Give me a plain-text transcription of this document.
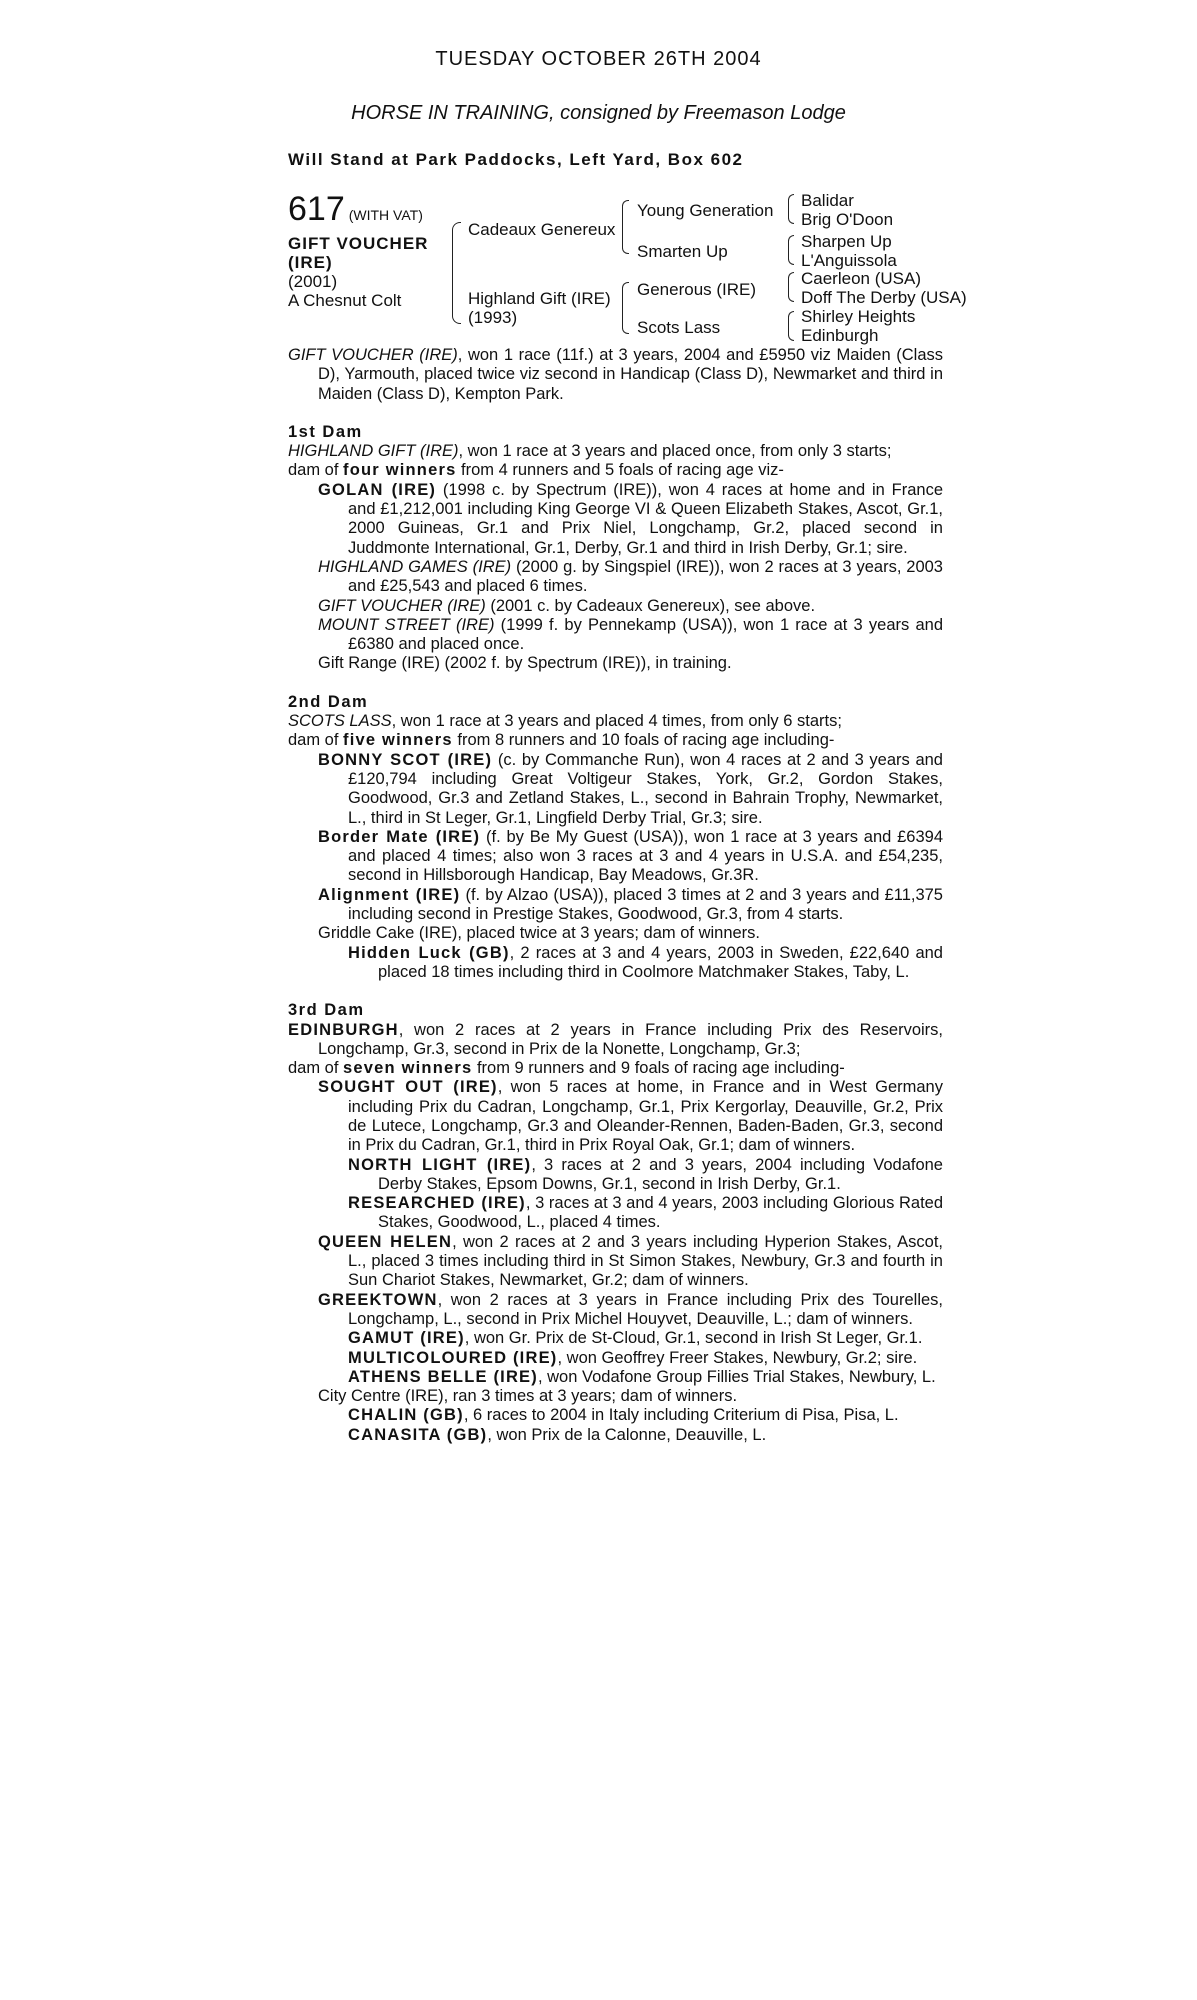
TUESDAY OCTOBER 26TH 2004
HORSE IN TRAINING, consigned by Freemason Lodge
Will Stand at Park Paddocks, Left Yard, Box 602
617 (WITH VAT)
GIFT VOUCHER
(IRE)
(2001)
A Chesnut Colt
Cadeaux Genereux
Highland Gift (IRE)
(1993)
Young Generation
Smarten Up
Generous (IRE)
Scots Lass
Balidar
Brig O'Doon
Sharpen Up
L'Anguissola
Caerleon (USA)
Doff The Derby (USA)
Shirley Heights
Edinburgh

GIFT VOUCHER (IRE), won 1 race (11f.) at 3 years, 2004 and £5950 viz Maiden (Class D), Yarmouth, placed twice viz second in Handicap (Class D), Newmarket and third in Maiden (Class D), Kempton Park.

1st Dam

HIGHLAND GIFT (IRE), won 1 race at 3 years and placed once, from only 3 starts;

dam of four winners from 4 runners and 5 foals of racing age viz-

GOLAN (IRE) (1998 c. by Spectrum (IRE)), won 4 races at home and in France and £1,212,001 including King George VI & Queen Elizabeth Stakes, Ascot, Gr.1, 2000 Guineas, Gr.1 and Prix Niel, Longchamp, Gr.2, placed second in Juddmonte International, Gr.1, Derby, Gr.1 and third in Irish Derby, Gr.1; sire.

HIGHLAND GAMES (IRE) (2000 g. by Singspiel (IRE)), won 2 races at 3 years, 2003 and £25,543 and placed 6 times.

GIFT VOUCHER (IRE) (2001 c. by Cadeaux Genereux), see above.

MOUNT STREET (IRE) (1999 f. by Pennekamp (USA)), won 1 race at 3 years and £6380 and placed once.

Gift Range (IRE) (2002 f. by Spectrum (IRE)), in training.

2nd Dam

SCOTS LASS, won 1 race at 3 years and placed 4 times, from only 6 starts;

dam of five winners from 8 runners and 10 foals of racing age including-

BONNY SCOT (IRE) (c. by Commanche Run), won 4 races at 2 and 3 years and £120,794 including Great Voltigeur Stakes, York, Gr.2, Gordon Stakes, Goodwood, Gr.3 and Zetland Stakes, L., second in Bahrain Trophy, Newmarket, L., third in St Leger, Gr.1, Lingfield Derby Trial, Gr.3; sire.

Border Mate (IRE) (f. by Be My Guest (USA)), won 1 race at 3 years and £6394 and placed 4 times; also won 3 races at 3 and 4 years in U.S.A. and £54,235, second in Hillsborough Handicap, Bay Meadows, Gr.3R.

Alignment (IRE) (f. by Alzao (USA)), placed 3 times at 2 and 3 years and £11,375 including second in Prestige Stakes, Goodwood, Gr.3, from 4 starts.

Griddle Cake (IRE), placed twice at 3 years; dam of winners.

Hidden Luck (GB), 2 races at 3 and 4 years, 2003 in Sweden, £22,640 and placed 18 times including third in Coolmore Matchmaker Stakes, Taby, L.

3rd Dam

EDINBURGH, won 2 races at 2 years in France including Prix des Reservoirs, Longchamp, Gr.3, second in Prix de la Nonette, Longchamp, Gr.3;

dam of seven winners from 9 runners and 9 foals of racing age including-

SOUGHT OUT (IRE), won 5 races at home, in France and in West Germany including Prix du Cadran, Longchamp, Gr.1, Prix Kergorlay, Deauville, Gr.2, Prix de Lutece, Longchamp, Gr.3 and Oleander-Rennen, Baden-Baden, Gr.3, second in Prix du Cadran, Gr.1, third in Prix Royal Oak, Gr.1; dam of winners.

NORTH LIGHT (IRE), 3 races at 2 and 3 years, 2004 including Vodafone Derby Stakes, Epsom Downs, Gr.1, second in Irish Derby, Gr.1.

RESEARCHED (IRE), 3 races at 3 and 4 years, 2003 including Glorious Rated Stakes, Goodwood, L., placed 4 times.

QUEEN HELEN, won 2 races at 2 and 3 years including Hyperion Stakes, Ascot, L., placed 3 times including third in St Simon Stakes, Newbury, Gr.3 and fourth in Sun Chariot Stakes, Newmarket, Gr.2; dam of winners.

GREEKTOWN, won 2 races at 3 years in France including Prix des Tourelles, Longchamp, L., second in Prix Michel Houyvet, Deauville, L.; dam of winners.

GAMUT (IRE), won Gr. Prix de St-Cloud, Gr.1, second in Irish St Leger, Gr.1.

MULTICOLOURED (IRE), won Geoffrey Freer Stakes, Newbury, Gr.2; sire.

ATHENS BELLE (IRE), won Vodafone Group Fillies Trial Stakes, Newbury, L.

City Centre (IRE), ran 3 times at 3 years; dam of winners.

CHALIN (GB), 6 races to 2004 in Italy including Criterium di Pisa, Pisa, L.

CANASITA (GB), won Prix de la Calonne, Deauville, L.
